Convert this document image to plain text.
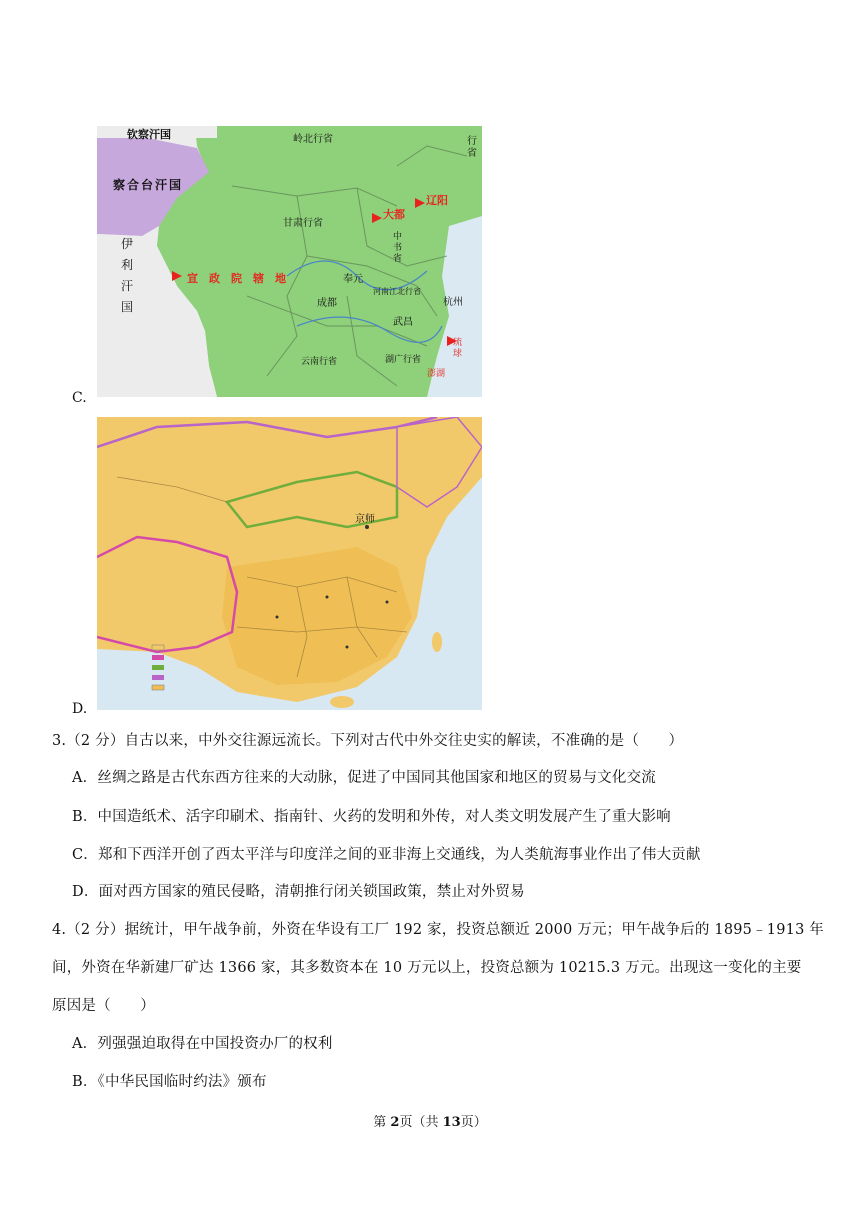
钦察汗国
察合台汗国
伊
利
汗
国
宣政院辖地
甘肃行省
大都
辽阳
中书省
奉元
成都
河南江北行省
杭州
武昌
云南行省	湖广行省
澎湖
琉球
岭北行省	行省
C.
京师
D.
3.（2 分）自古以来，中外交往源远流长。下列对古代中外交往史实的解读，不准确的是（　　）
A．丝绸之路是古代东西方往来的大动脉，促进了中国同其他国家和地区的贸易与文化交流
B．中国造纸术、活字印刷术、指南针、火药的发明和外传，对人类文明发展产生了重大影响
C．郑和下西洋开创了西太平洋与印度洋之间的亚非海上交通线，为人类航海事业作出了伟大贡献
D．面对西方国家的殖民侵略，清朝推行闭关锁国政策，禁止对外贸易
4.（2 分）据统计，甲午战争前，外资在华设有工厂 192 家，投资总额近 2000 万元；甲午战争后的 1895﹣1913 年
间，外资在华新建厂矿达 1366 家，其多数资本在 10 万元以上，投资总额为 10215.3 万元。出现这一变化的主要
原因是（　　）
A．列强强迫取得在中国投资办厂的权利
B．《中华民国临时约法》颁布
第 2页（共 13页）
